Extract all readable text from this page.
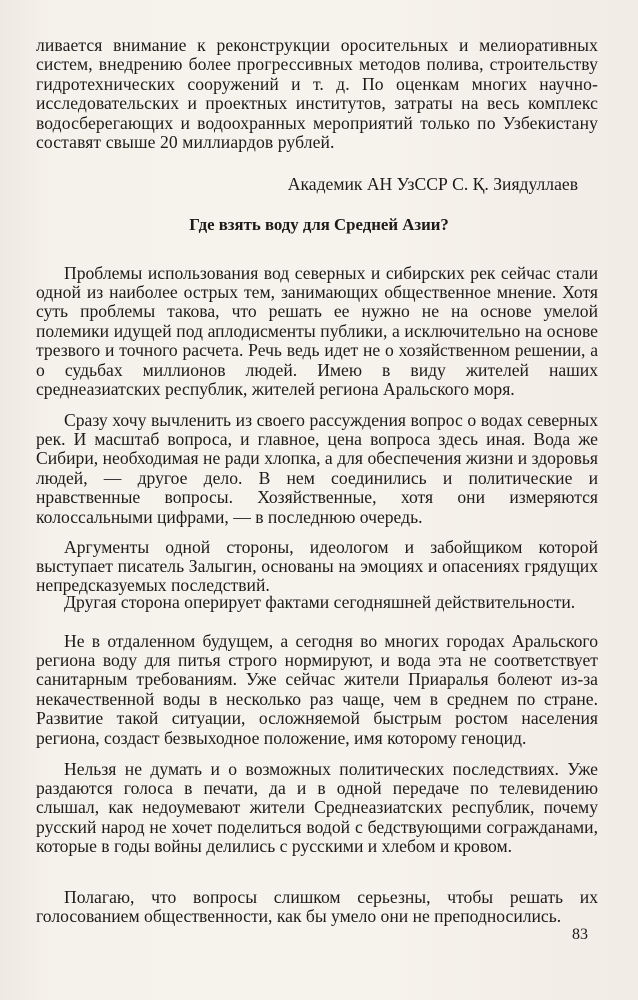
ливается внимание к реконструкции оросительных и мелиоративных систем, внедрению более прогрессивных методов полива, строительству гидротехнических сооружений и т. д. По оценкам многих научно-исследовательских и проектных институтов, затраты на весь комплекс водосберегающих и водоохранных мероприятий только по Узбекистану составят свыше 20 миллиардов рублей.

Академик АН УзССР С. Қ. Зиядуллаев
Где взять воду для Средней Азии?

Проблемы использования вод северных и сибирских рек сейчас стали одной из наиболее острых тем, занимающих общественное мнение. Хотя суть проблемы такова, что решать ее нужно не на основе умелой полемики идущей под аплодисменты публики, а исключительно на основе трезвого и точного расчета. Речь ведь идет не о хозяйственном решении, а о судьбах миллионов людей. Имею в виду жителей наших среднеазиатских республик, жителей региона Аральского моря.

Сразу хочу вычленить из своего рассуждения вопрос о водах северных рек. И масштаб вопроса, и главное, цена вопроса здесь иная. Вода же Сибири, необходимая не ради хлопка, а для обеспечения жизни и здоровья людей, — другое дело. В нем соединились и политические и нравственные вопросы. Хозяйственные, хотя они измеряются колоссальными цифрами, — в последнюю очередь.

Аргументы одной стороны, идеологом и забойщиком которой выступает писатель Залыгин, основаны на эмоциях и опасениях грядущих непредсказуемых последствий.

Другая сторона оперирует фактами сегодняшней действительности.

Не в отдаленном будущем, а сегодня во многих городах Аральского региона воду для питья строго нормируют, и вода эта не соответствует санитарным требованиям. Уже сейчас жители Приаралья болеют из-за некачественной воды в несколько раз чаще, чем в среднем по стране. Развитие такой ситуации, осложняемой быстрым ростом населения региона, создаст безвыходное положение, имя которому геноцид.

Нельзя не думать и о возможных политических последствиях. Уже раздаются голоса в печати, да и в одной передаче по телевидению слышал, как недоумевают жители Среднеазиатских республик, почему русский народ не хочет поделиться водой с бедствующими согражданами, которые в годы войны делились с русскими и хлебом и кровом.

Полагаю, что вопросы слишком серьезны, чтобы решать их голосованием общественности, как бы умело они не преподносились.

83
